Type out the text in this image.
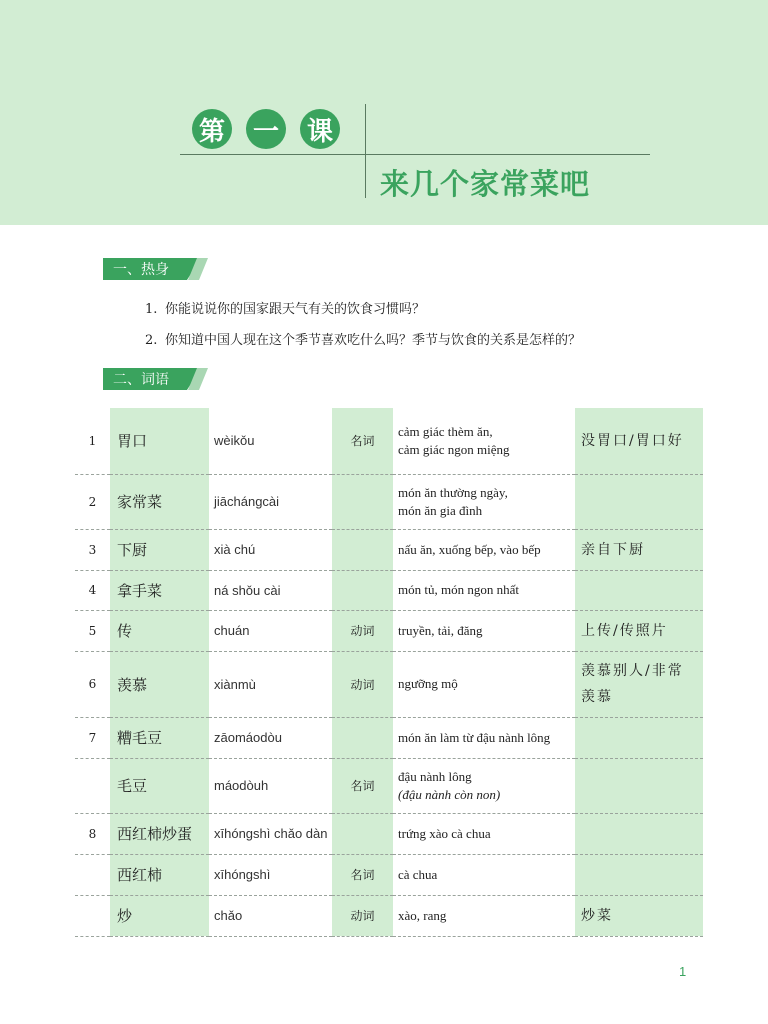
第 一 课
来几个家常菜吧
一、热身
1. 你能说说你的国家跟天气有关的饮食习惯吗？
2. 你知道中国人现在这个季节喜欢吃什么吗？季节与饮食的关系是怎样的？
二、词语
1	胃口	wèikǒu	名词	cảm giác thèm ăn,
cảm giác ngon miệng	没胃口/胃口好
2	家常菜	jiāchángcài		món ăn thường ngày,
món ăn gia đình	

3	下厨	xià chú		nấu ăn, xuống bếp, vào bếp	亲自下厨
4	拿手菜	ná shǒu cài		món tủ, món ngon nhất	

5	传	chuán	动词	truyền, tải, đăng	上传/传照片
6	羡慕	xiànmù	动词	ngưỡng mộ	羡慕别人/非常羡慕
7	糟毛豆	zāomáodòu		món ăn làm từ đậu nành lông	

	毛豆	máodòuh	名词	đậu nành lông
(đậu nành còn non)	

8	西红柿炒蛋	xīhóngshì chǎo dàn		trứng xào cà chua	

	西红柿	xīhóngshì	名词	cà chua	

	炒	chǎo	动词	xào, rang	炒菜
1
